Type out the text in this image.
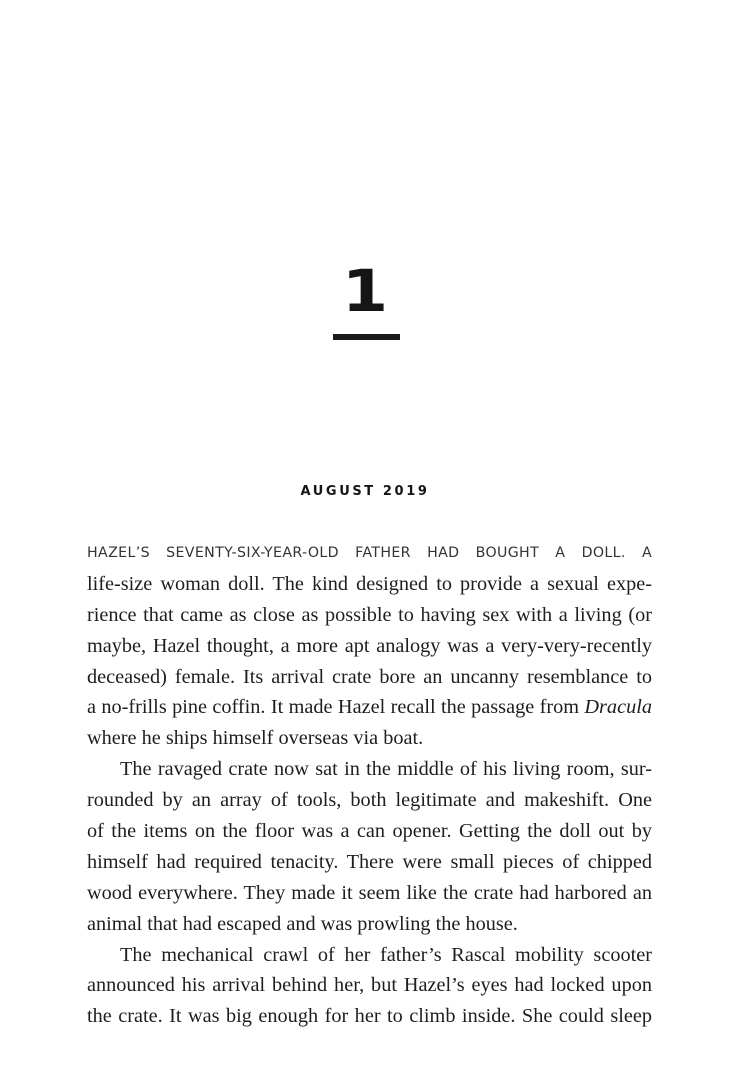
1
AUGUST 2019
HAZEL’S SEVENTY-SIX-YEAR-OLD FATHER HAD BOUGHT A DOLL. A
life-size woman doll. The kind designed to provide a sexual expe-
rience that came as close as possible to having sex with a living (or
maybe, Hazel thought, a more apt analogy was a very-very-recently
deceased) female. Its arrival crate bore an uncanny resemblance to
a no-frills pine coffin. It made Hazel recall the passage from Dracula
where he ships himself overseas via boat.
The ravaged crate now sat in the middle of his living room, sur-
rounded by an array of tools, both legitimate and makeshift. One
of the items on the floor was a can opener. Getting the doll out by
himself had required tenacity. There were small pieces of chipped
wood everywhere. They made it seem like the crate had harbored an
animal that had escaped and was prowling the house.
The mechanical crawl of her father’s Rascal mobility scooter
announced his arrival behind her, but Hazel’s eyes had locked upon
the crate. It was big enough for her to climb inside. She could sleep
